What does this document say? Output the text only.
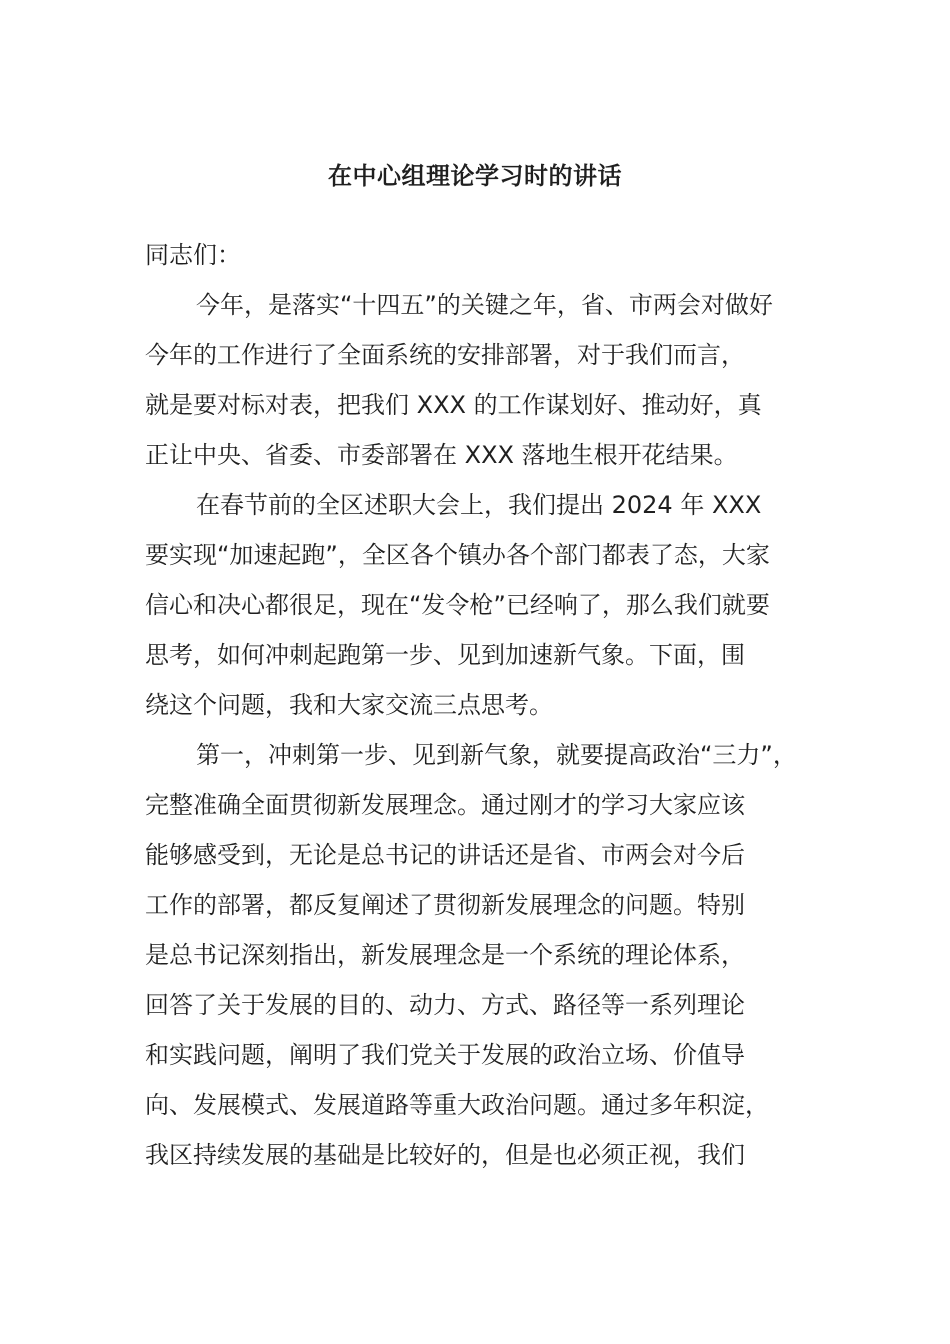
在中心组理论学习时的讲话
同志们：
今年，是落实“十四五”的关键之年，省、市两会对做好
今年的工作进行了全面系统的安排部署，对于我们而言，
就是要对标对表，把我们 XXX 的工作谋划好、推动好，真
正让中央、省委、市委部署在 XXX 落地生根开花结果。
在春节前的全区述职大会上，我们提出 2024 年 XXX
要实现“加速起跑”，全区各个镇办各个部门都表了态，大家
信心和决心都很足，现在“发令枪”已经响了，那么我们就要
思考，如何冲刺起跑第一步、见到加速新气象。下面，围
绕这个问题，我和大家交流三点思考。
第一，冲刺第一步、见到新气象，就要提高政治“三力”，
完整准确全面贯彻新发展理念。通过刚才的学习大家应该
能够感受到，无论是总书记的讲话还是省、市两会对今后
工作的部署，都反复阐述了贯彻新发展理念的问题。特别
是总书记深刻指出，新发展理念是一个系统的理论体系，
回答了关于发展的目的、动力、方式、路径等一系列理论
和实践问题，阐明了我们党关于发展的政治立场、价值导
向、发展模式、发展道路等重大政治问题。通过多年积淀，
我区持续发展的基础是比较好的，但是也必须正视，我们
